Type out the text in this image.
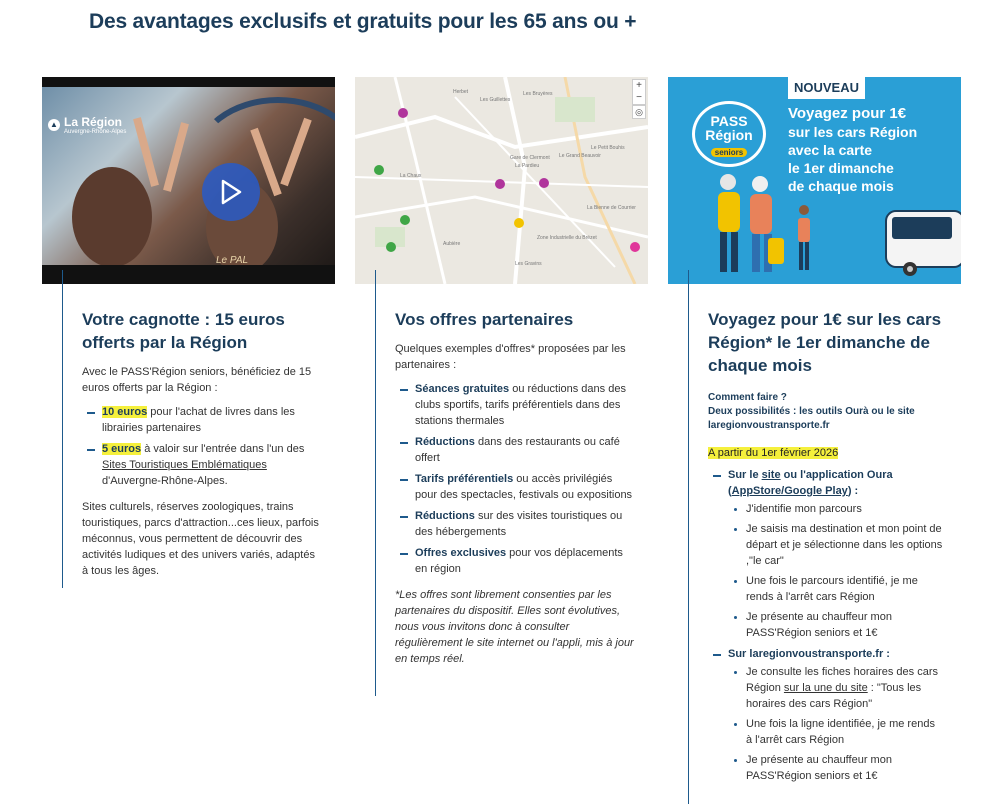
Des avantages exclusifs et gratuits pour les 65 ans ou +
▲ La Région
Auvergne-Rhône-Alpes
Le PAL
Herbet	Les Bruyères
Les Guillettes
Le Petit Bouhis
Le Grand Beauvoir
Gare de Clermont
La Pardieu
La Bienne de Courrier
La Chaux
Zone Industrielle du Brézet
Les Gravins
Aubière
+
−
◎
NOUVEAU
PASS
Région
seniors
Voyagez pour 1€
sur les cars Région
avec la carte
le 1er dimanche
de chaque mois
Votre cagnotte : 15 euros offerts par la Région

Avec le PASS'Région seniors, bénéficiez de 15 euros offerts par la Région :

10 euros pour l'achat de livres dans les librairies partenaires
5 euros à valoir sur l'entrée dans l'un des Sites Touristiques Emblématiques d'Auvergne-Rhône-Alpes.

Sites culturels, réserves zoologiques, trains touristiques, parcs d'attraction...ces lieux, parfois méconnus, vous permettent de découvrir des activités ludiques et des univers variés, adaptés à tous les âges.

Vos offres partenaires

Quelques exemples d'offres* proposées par les partenaires :

Séances gratuites ou réductions dans des clubs sportifs, tarifs préférentiels dans des stations thermales
Réductions dans des restaurants ou café offert
Tarifs préférentiels ou accès privilégiés pour des spectacles, festivals ou expositions
Réductions sur des visites touristiques ou des hébergements
Offres exclusives pour vos déplacements en région

*Les offres sont librement consenties par les partenaires du dispositif. Elles sont évolutives, nous vous invitons donc à consulter régulièrement le site internet ou l'appli, mis à jour en temps réel.

Voyagez pour 1€ sur les cars Région* le 1er dimanche de chaque mois
Comment faire ?
Deux possibilités : les outils Ourà ou le site laregionvoustransporte.fr
A partir du 1er février 2026
Sur le site ou l'application Oura (AppStore/Google Play) :
J'identifie mon parcours
Je saisis ma destination et mon point de départ et je sélectionne dans les options ,"le car"
Une fois le parcours identifié, je me rends à l'arrêt cars Région
Je présente au chauffeur mon PASS'Région seniors et 1€
Sur laregionvoustransporte.fr :
Je consulte les fiches horaires des cars Région sur la une du site : "Tous les horaires des cars Région"
Une fois la ligne identifiée, je me rends à l'arrêt cars Région
Je présente au chauffeur mon PASS'Région seniors et 1€
